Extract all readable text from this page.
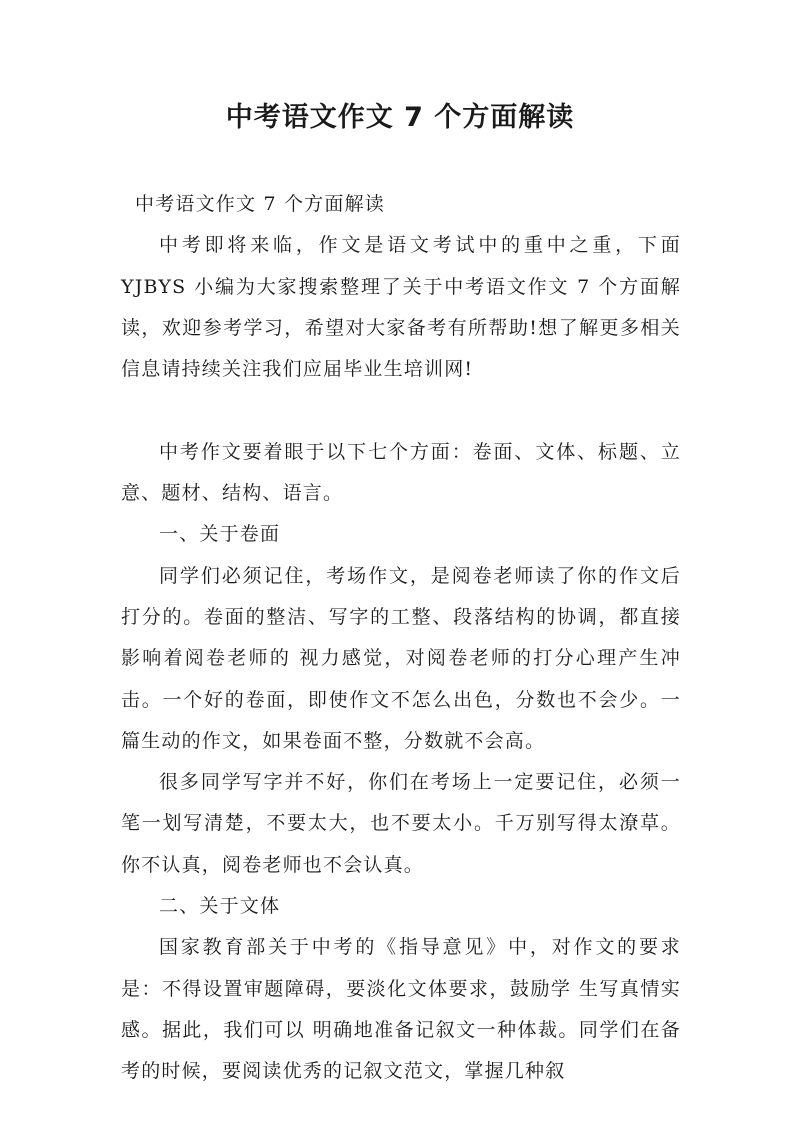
中考语文作文 7 个方面解读

中考语文作文 7 个方面解读

中考即将来临，作文是语文考试中的重中之重，下面 YJBYS 小编为大家搜索整理了关于中考语文作文 7 个方面解读，欢迎参考学习，希望对大家备考有所帮助!想了解更多相关信息请持续关注我们应届毕业生培训网!

中考作文要着眼于以下七个方面：卷面、文体、标题、立意、题材、结构、语言。

一、关于卷面

同学们必须记住，考场作文，是阅卷老师读了你的作文后打分的。卷面的整洁、写字的工整、段落结构的协调，都直接影响着阅卷老师的 视力感觉，对阅卷老师的打分心理产生冲击。一个好的卷面，即使作文不怎么出色，分数也不会少。一篇生动的作文，如果卷面不整，分数就不会高。

很多同学写字并不好，你们在考场上一定要记住，必须一笔一划写清楚，不要太大，也不要太小。千万别写得太潦草。你不认真，阅卷老师也不会认真。

二、关于文体

国家教育部关于中考的《指导意见》中，对作文的要求是：不得设置审题障碍，要淡化文体要求，鼓励学 生写真情实感。据此，我们可以 明确地准备记叙文一种体裁。同学们在备考的时候，要阅读优秀的记叙文范文，掌握几种叙
